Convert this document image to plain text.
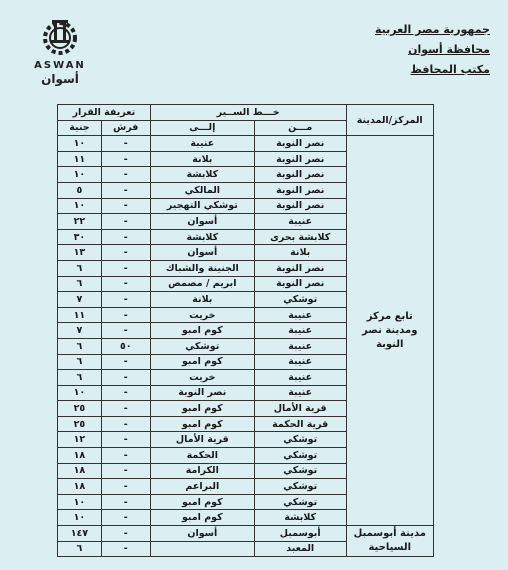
ASWAN
أسوان
جمهورية مصر العربية
محافظة أسوان
مكتب المحافظ
المركز/المدينة	خـــط الســير		تعريفة القرار	
	مـــن	إلـــى	فرش	جنية
تابع مركز ومدينة نصر النوبة	نصر النوبة	عنيبة	-	١٠
	نصر النوبة	بلانة	-	١١
	نصر النوبة	كلابشة	-	١٠
	نصر النوبة	المالكي	-	٥
	نصر النوبة	توشكي التهجير	-	١٠
	عنيبة	أسوان	-	٢٢
	كلابشة بحرى	كلابشة	-	٣٠
	بلانة	أسوان	-	١٣
	نصر النوبة	الجنينة والشباك	-	٦
	نصر النوبة	ابريم / مصمص	-	٦
	توشكي	بلانة	-	٧
	عنيبة	خريت	-	١١
	عنيبة	كوم امبو	-	٧
	عنيبة	توشكي	٥٠	٦
	عنيبة	كوم امبو	-	٦
	عنيبة	خريت	-	٦
	عنيبة	نصر النوبة	-	١٠
	قرية الأمال	كوم امبو	-	٢٥
	قرية الحكمة	كوم امبو	-	٢٥
	توشكي	قرية الأمال	-	١٢
	توشكي	الحكمة	-	١٨
	توشكي	الكرامة	-	١٨
	توشكي	البراعم	-	١٨
	توشكي	كوم امبو	-	١٠
	كلابشة	كوم امبو	-	١٠
مدينة أبوسمبل السياحية	أبوسمبل	أسوان	-	١٤٧
	المعبد		-	٦
